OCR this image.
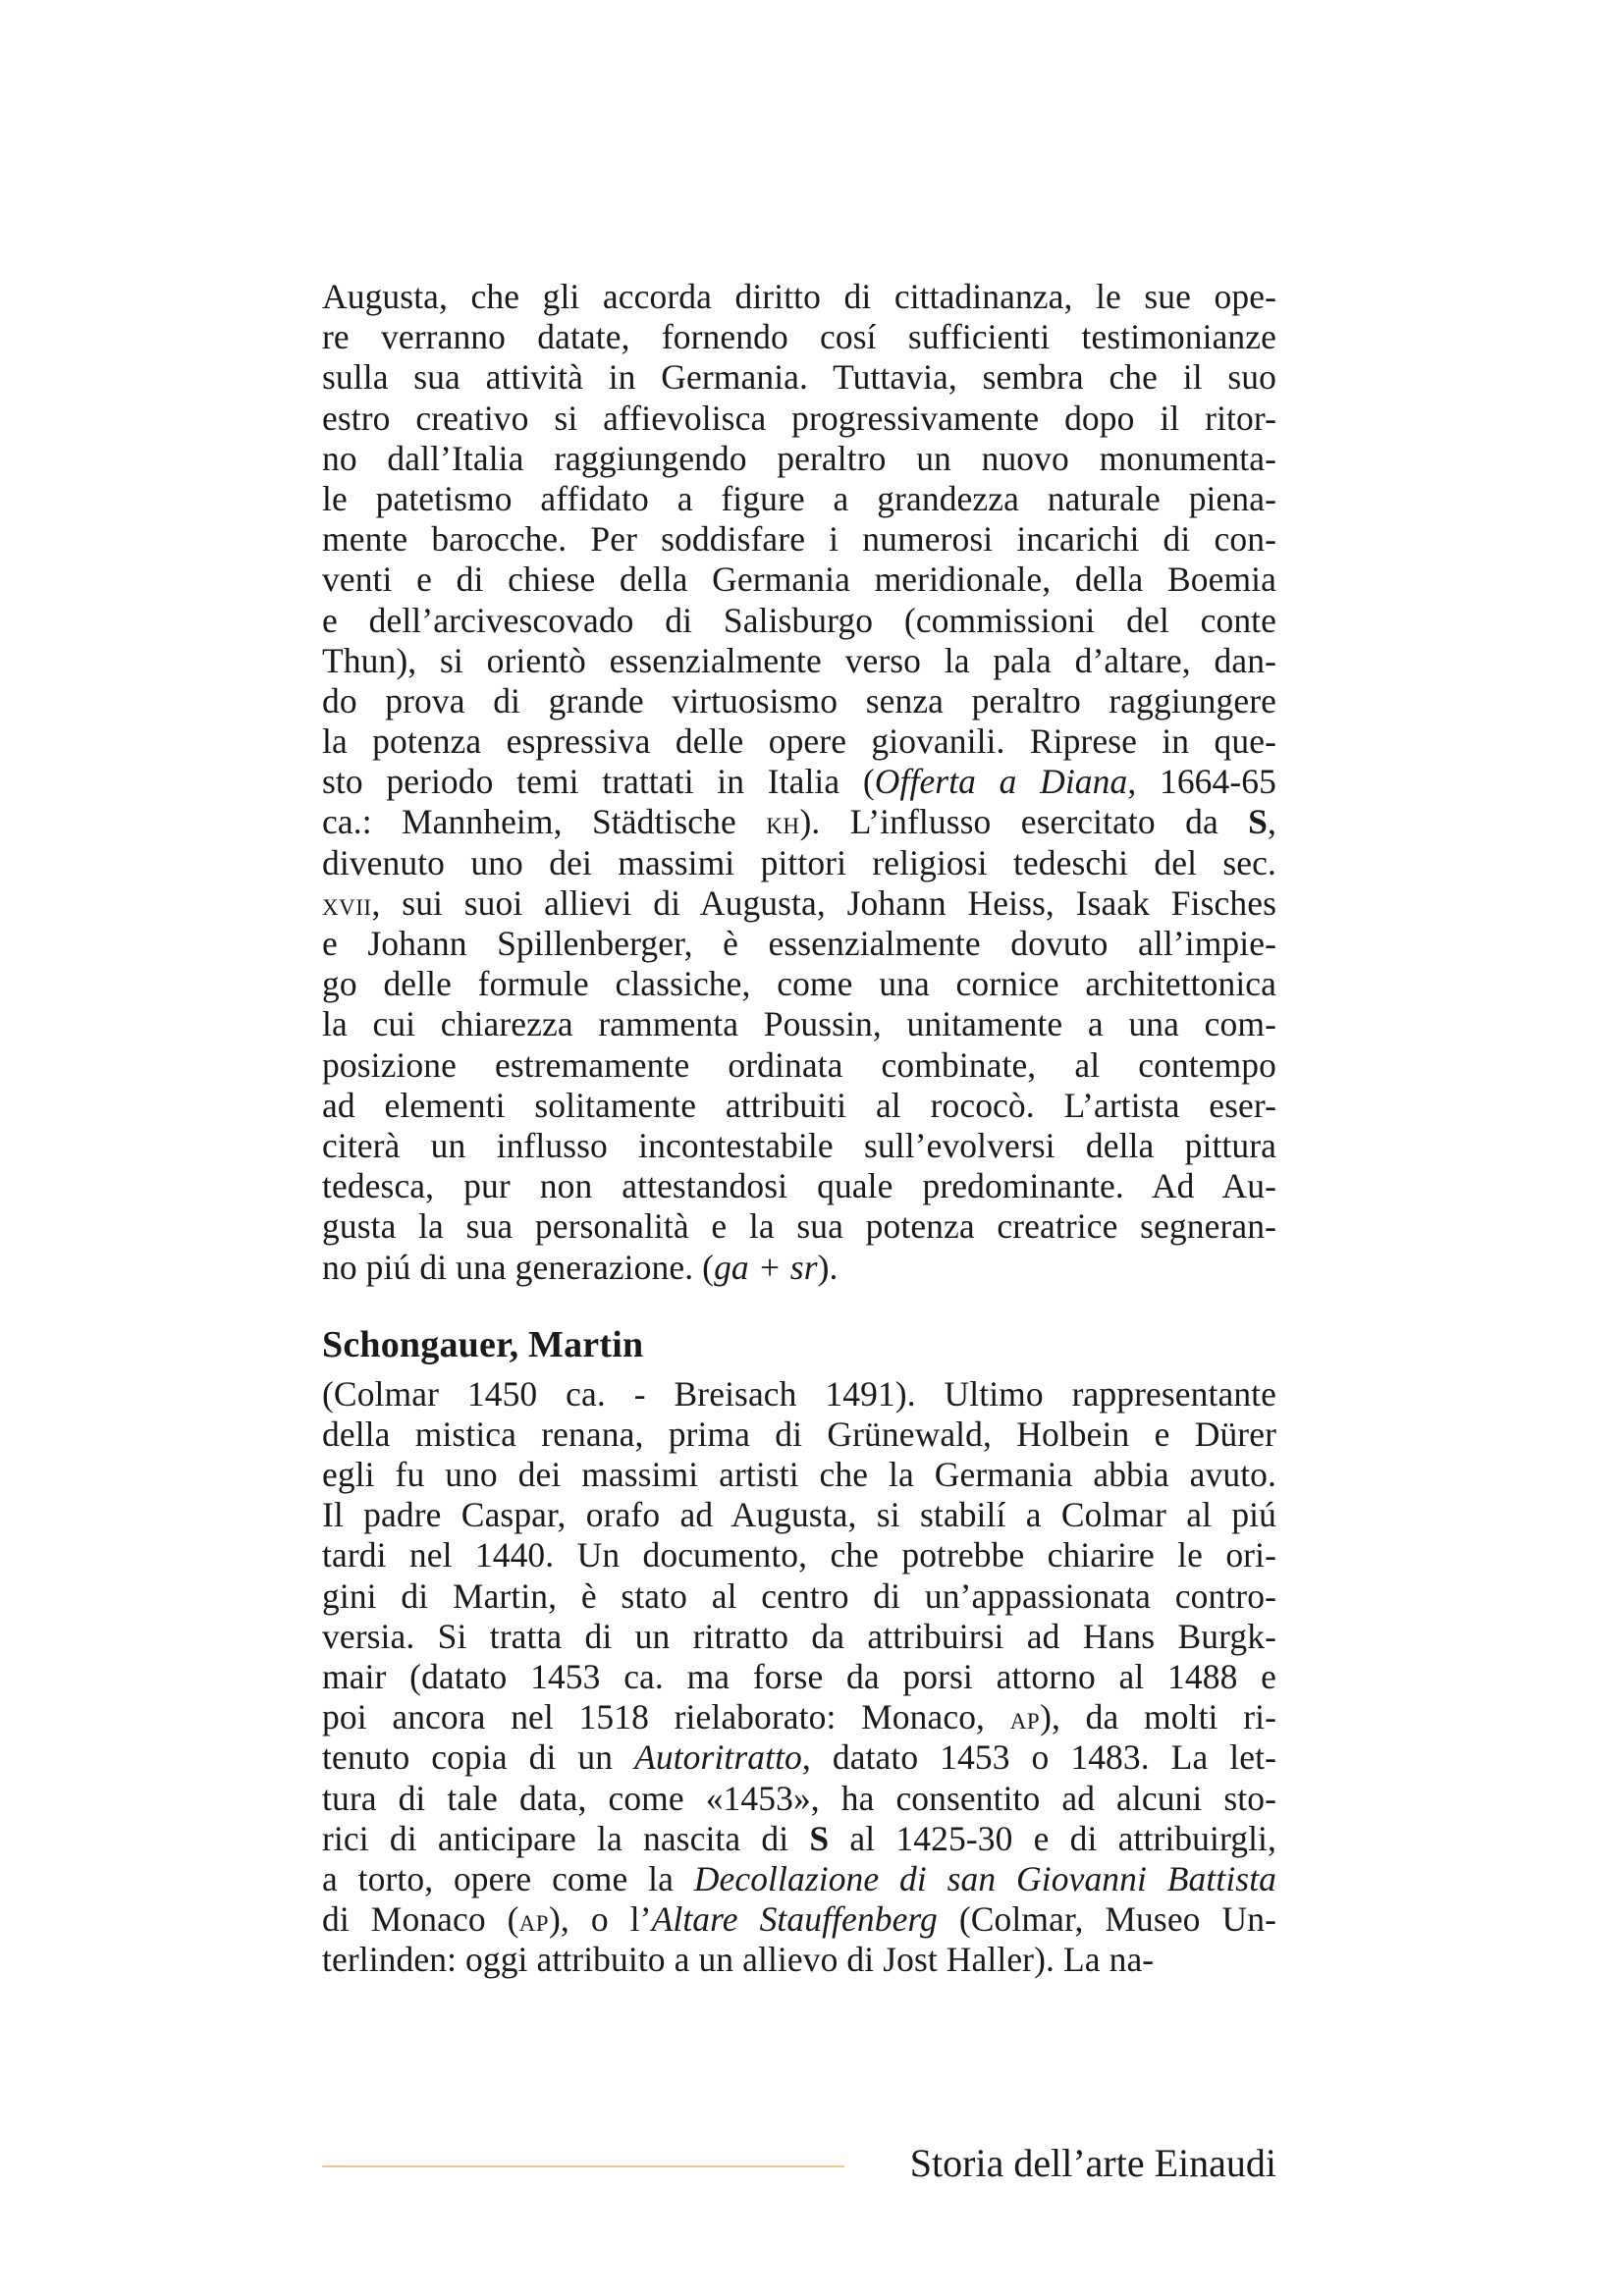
Augusta, che gli accorda diritto di cittadinanza, le sue ope-
re verranno datate, fornendo cosí sufficienti testimonianze
sulla sua attività in Germania. Tuttavia, sembra che il suo
estro creativo si affievolisca progressivamente dopo il ritor-
no dall’Italia raggiungendo peraltro un nuovo monumenta-
le patetismo affidato a figure a grandezza naturale piena-
mente barocche. Per soddisfare i numerosi incarichi di con-
venti e di chiese della Germania meridionale, della Boemia
e dell’arcivescovado di Salisburgo (commissioni del conte
Thun), si orientò essenzialmente verso la pala d’altare, dan-
do prova di grande virtuosismo senza peraltro raggiungere
la potenza espressiva delle opere giovanili. Riprese in que-
sto periodo temi trattati in Italia (Offerta a Diana, 1664-65
ca.: Mannheim, Städtische kh). L’influsso esercitato da S,
divenuto uno dei massimi pittori religiosi tedeschi del sec.
xvii, sui suoi allievi di Augusta, Johann Heiss, Isaak Fisches
e Johann Spillenberger, è essenzialmente dovuto all’impie-
go delle formule classiche, come una cornice architettonica
la cui chiarezza rammenta Poussin, unitamente a una com-
posizione estremamente ordinata combinate, al contempo
ad elementi solitamente attribuiti al rococò. L’artista eser-
citerà un influsso incontestabile sull’evolversi della pittura
tedesca, pur non attestandosi quale predominante. Ad Au-
gusta la sua personalità e la sua potenza creatrice segneran-
no piú di una generazione. (ga + sr).
Schongauer, Martin
(Colmar 1450 ca. - Breisach 1491). Ultimo rappresentante
della mistica renana, prima di Grünewald, Holbein e Dürer
egli fu uno dei massimi artisti che la Germania abbia avuto.
Il padre Caspar, orafo ad Augusta, si stabilí a Colmar al piú
tardi nel 1440. Un documento, che potrebbe chiarire le ori-
gini di Martin, è stato al centro di un’appassionata contro-
versia. Si tratta di un ritratto da attribuirsi ad Hans Burgk-
mair (datato 1453 ca. ma forse da porsi attorno al 1488 e
poi ancora nel 1518 rielaborato: Monaco, ap), da molti ri-
tenuto copia di un Autoritratto, datato 1453 o 1483. La let-
tura di tale data, come «1453», ha consentito ad alcuni sto-
rici di anticipare la nascita di S al 1425-30 e di attribuirgli,
a torto, opere come la Decollazione di san Giovanni Battista
di Monaco (ap), o l’Altare Stauffenberg (Colmar, Museo Un-
terlinden: oggi attribuito a un allievo di Jost Haller). La na-
Storia dell’arte Einaudi
